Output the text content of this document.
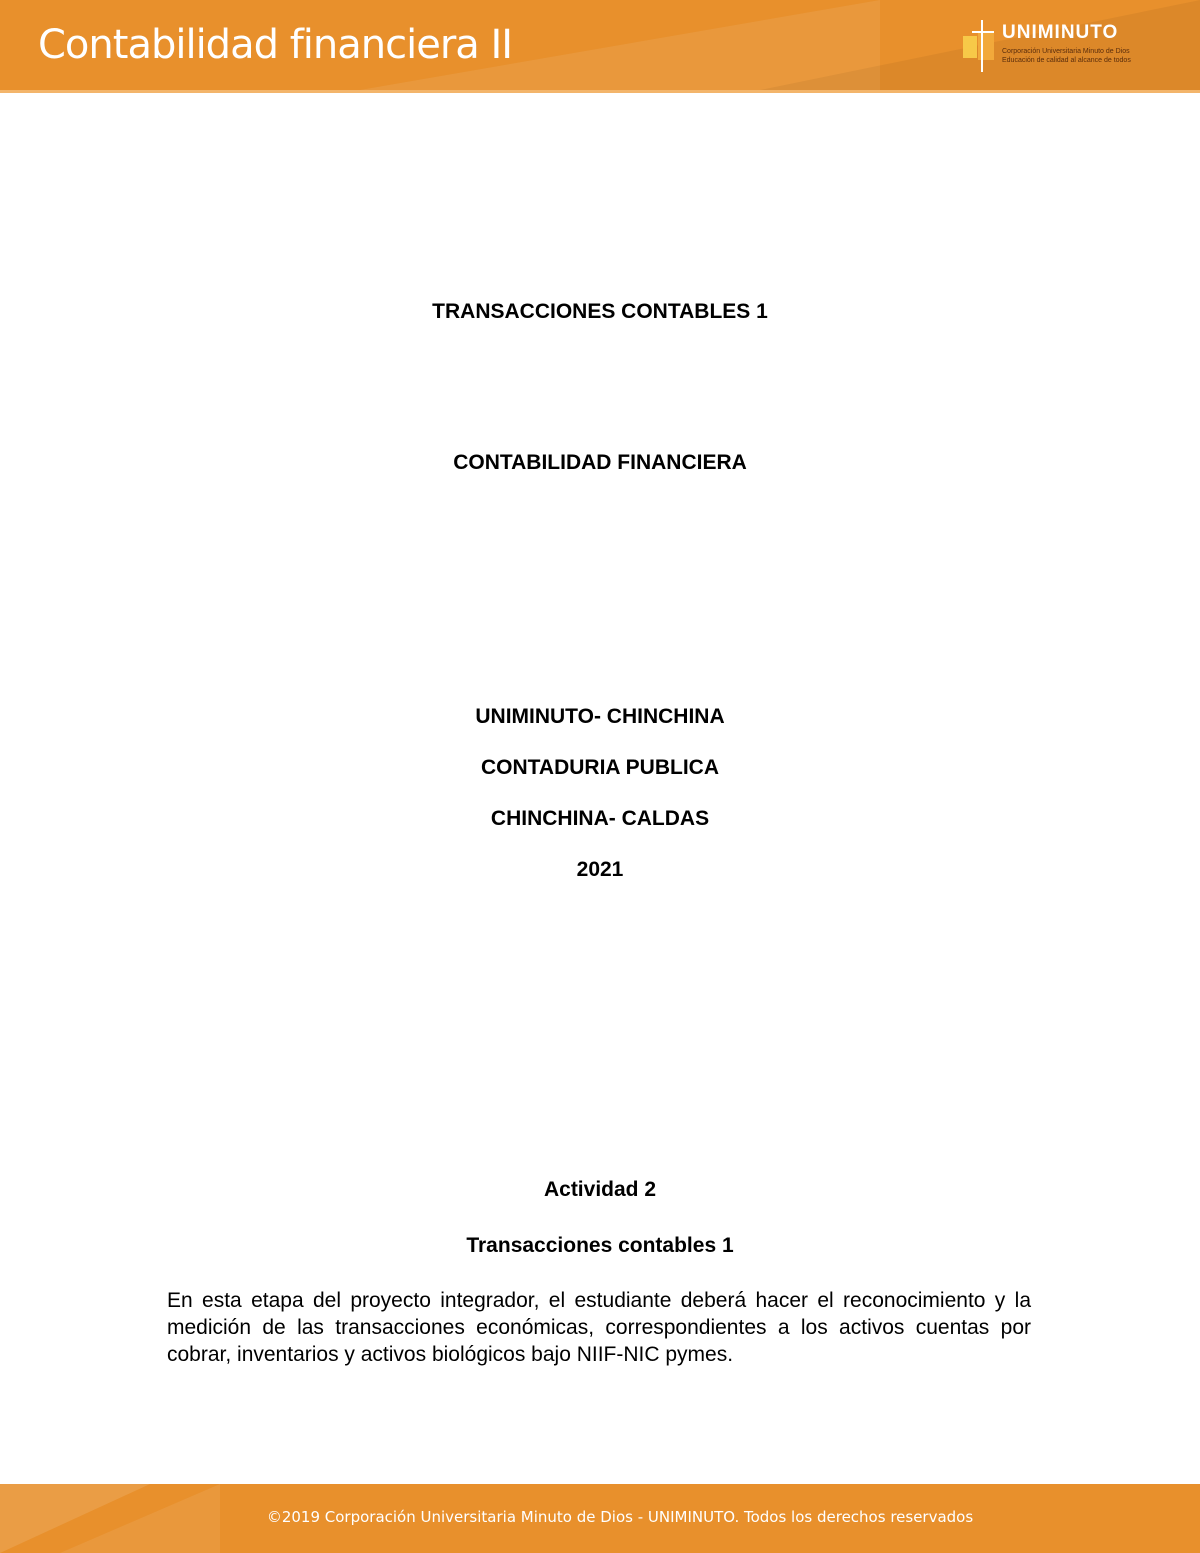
Contabilidad financiera II	UNIMINUTO
Corporación Universitaria Minuto de Dios
Educación de calidad al alcance de todos
TRANSACCIONES CONTABLES 1
CONTABILIDAD FINANCIERA
UNIMINUTO- CHINCHINA
CONTADURIA PUBLICA
CHINCHINA- CALDAS
2021
Actividad 2
Transacciones contables 1
En esta etapa del proyecto integrador, el estudiante deberá hacer el reconocimiento y la medición de las transacciones económicas, correspondientes a los activos cuentas por cobrar, inventarios y activos biológicos bajo NIIF-NIC pymes.
©2019 Corporación Universitaria Minuto de Dios - UNIMINUTO. Todos los derechos reservados
